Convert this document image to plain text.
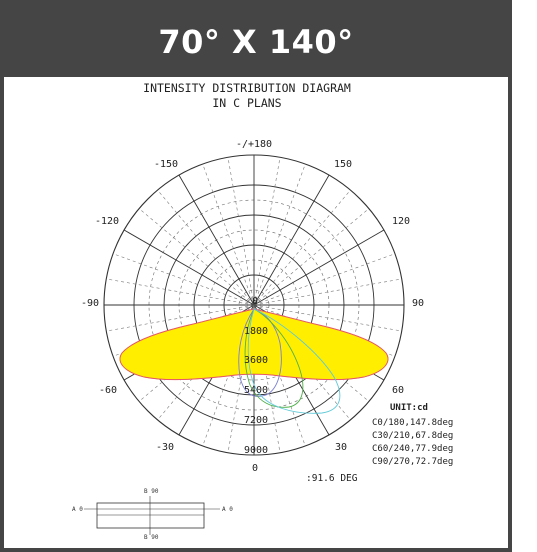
70° X 140°
INTENSITY DISTRIBUTION DIAGRAM
IN C PLANS
-/+180
-150	150
-120	120
-90	90
-60	60
-30	30
0
0
1800
3600
5400
7200
9000
UNIT:cd
C0/180,147.8deg
C30/210,67.8deg
C60/240,77.9deg
C90/270,72.7deg
:91.6 DEG
B 90
B 90
A 0	A 0
